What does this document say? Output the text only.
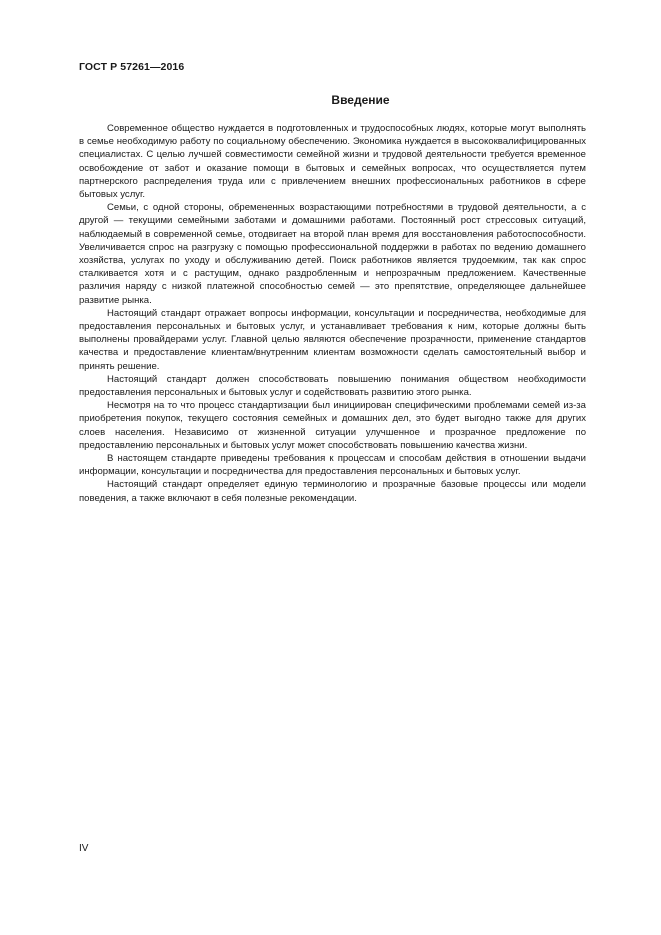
ГОСТ Р 57261—2016
Введение

Современное общество нуждается в подготовленных и трудоспособных людях, которые могут выполнять в семье необходимую работу по социальному обеспечению. Экономика нуждается в высококвалифицированных специалистах. С целью лучшей совместимости семейной жизни и трудовой деятельности требуется временное освобождение от забот и оказание помощи в бытовых и семейных вопросах, что осуществляется путем партнерского распределения труда или с привлечением внешних профессиональных работников в сфере бытовых услуг.

Семьи, с одной стороны, обремененных возрастающими потребностями в трудовой деятельности, а с другой — текущими семейными заботами и домашними работами. Постоянный рост стрессовых ситуаций, наблюдаемый в современной семье, отодвигает на второй план время для восстановления работоспособности. Увеличивается спрос на разгрузку с помощью профессиональной поддержки в работах по ведению домашнего хозяйства, услугах по уходу и обслуживанию детей. Поиск работников является трудоемким, так как спрос сталкивается хотя и с растущим, однако раздробленным и непрозрачным предложением. Качественные различия наряду с низкой платежной способностью семей — это препятствие, определяющее дальнейшее развитие рынка.

Настоящий стандарт отражает вопросы информации, консультации и посредничества, необходимые для предоставления персональных и бытовых услуг, и устанавливает требования к ним, которые должны быть выполнены провайдерами услуг. Главной целью являются обеспечение прозрачности, применение стандартов качества и предоставление клиентам/внутренним клиентам возможности сделать самостоятельный выбор и принять решение.

Настоящий стандарт должен способствовать повышению понимания обществом необходимости предоставления персональных и бытовых услуг и содействовать развитию этого рынка.

Несмотря на то что процесс стандартизации был инициирован специфическими проблемами семей из-за приобретения покупок, текущего состояния семейных и домашних дел, это будет выгодно также для других слоев населения. Независимо от жизненной ситуации улучшенное и прозрачное предложение по предоставлению персональных и бытовых услуг может способствовать повышению качества жизни.

В настоящем стандарте приведены требования к процессам и способам действия в отношении выдачи информации, консультации и посредничества для предоставления персональных и бытовых услуг.

Настоящий стандарт определяет единую терминологию и прозрачные базовые процессы или модели поведения, а также включают в себя полезные рекомендации.

IV
